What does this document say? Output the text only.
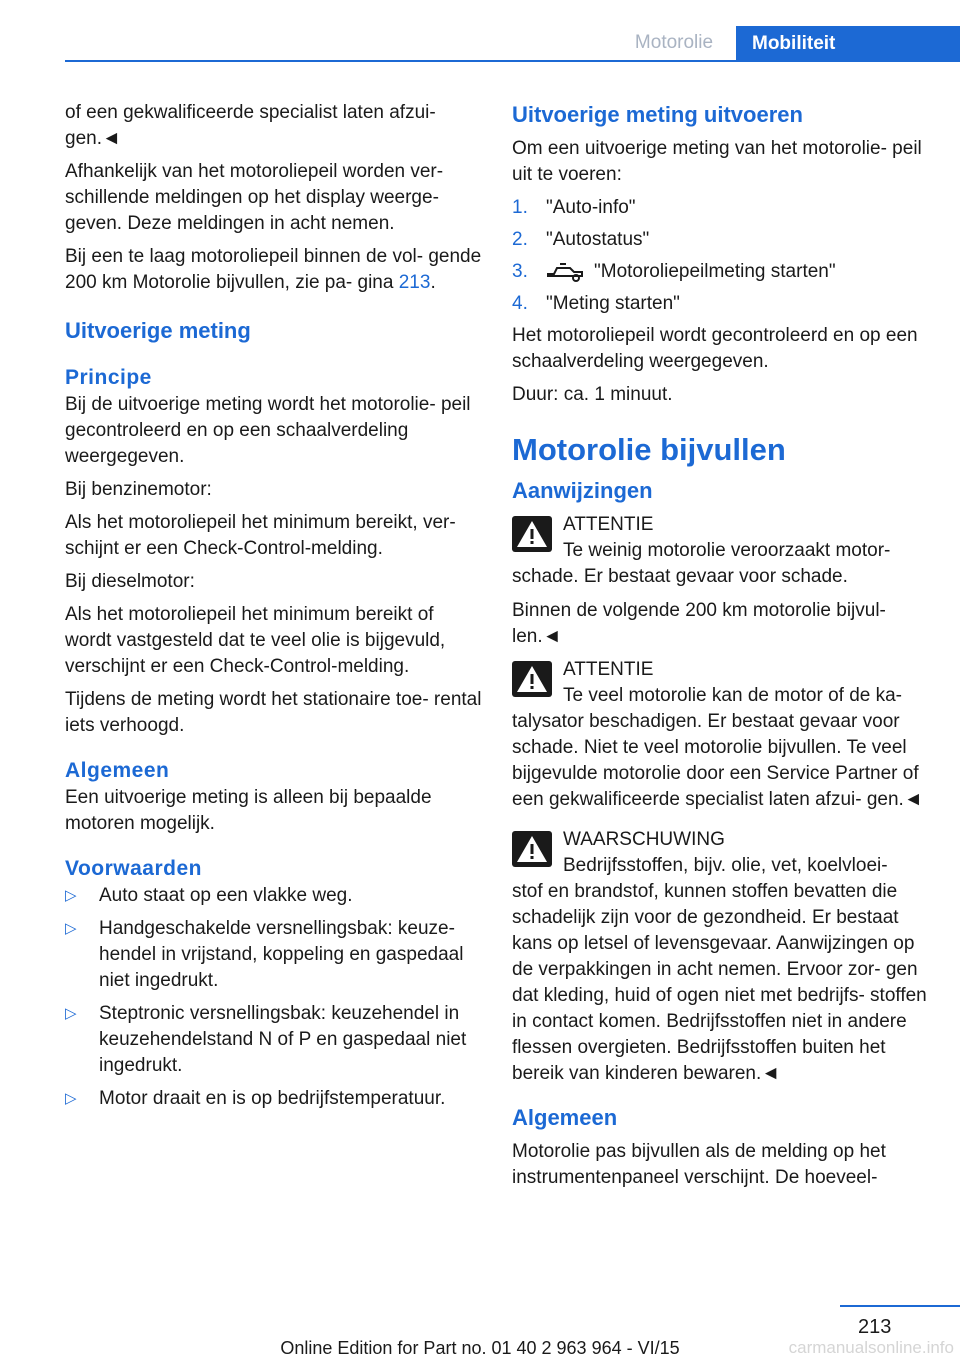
Motorolie	Mobiliteit

of een gekwalificeerde specialist laten afzui‐ gen.◄

Afhankelijk van het motoroliepeil worden ver‐ schillende meldingen op het display weerge‐ geven. Deze meldingen in acht nemen.

Bij een te laag motoroliepeil binnen de vol‐ gende 200 km Motorolie bijvullen, zie pa‐ gina 213.

Uitvoerige meting
Principe

Bij de uitvoerige meting wordt het motorolie‐ peil gecontroleerd en op een schaalverdeling weergegeven.

Bij benzinemotor:

Als het motoroliepeil het minimum bereikt, ver‐ schijnt er een Check-Control-melding.

Bij dieselmotor:

Als het motoroliepeil het minimum bereikt of wordt vastgesteld dat te veel olie is bijgevuld, verschijnt er een Check-Control-melding.

Tijdens de meting wordt het stationaire toe‐ rental iets verhoogd.

Algemeen

Een uitvoerige meting is alleen bij bepaalde motoren mogelijk.

Voorwaarden
▷ Auto staat op een vlakke weg.
▷ Handgeschakelde versnellingsbak: keuze‐ hendel in vrijstand, koppeling en gaspedaal niet ingedrukt.
▷ Steptronic versnellingsbak: keuzehendel in keuzehendelstand N of P en gaspedaal niet ingedrukt.
▷ Motor draait en is op bedrijfstemperatuur.
Uitvoerige meting uitvoeren

Om een uitvoerige meting van het motorolie‐ peil uit te voeren:

1. "Auto-info"
2. "Autostatus"
3.	"Motoroliepeilmeting starten"
4. "Meting starten"

Het motoroliepeil wordt gecontroleerd en op een schaalverdeling weergegeven.

Duur: ca. 1 minuut.

Motorolie bijvullen
Aanwijzingen
ATTENTIE
Te weinig motorolie veroorzaakt motor‐
schade. Er bestaat gevaar voor schade.

Binnen de volgende 200 km motorolie bijvul‐ len.◄

ATTENTIE
Te veel motorolie kan de motor of de ka‐
talysator beschadigen. Er bestaat gevaar voor schade. Niet te veel motorolie bijvullen. Te veel bijgevulde motorolie door een Service Partner of een gekwalificeerde specialist laten afzui‐ gen.◄
WAARSCHUWING
Bedrijfsstoffen, bijv. olie, vet, koelvloei‐
stof en brandstof, kunnen stoffen bevatten die schadelijk zijn voor de gezondheid. Er bestaat kans op letsel of levensgevaar. Aanwijzingen op de verpakkingen in acht nemen. Ervoor zor‐ gen dat kleding, huid of ogen niet met bedrijfs‐ stoffen in contact komen. Bedrijfsstoffen niet in andere flessen overgieten. Bedrijfsstoffen buiten het bereik van kinderen bewaren.◄
Algemeen

Motorolie pas bijvullen als de melding op het instrumentenpaneel verschijnt. De hoeveel‐

213
Online Edition for Part no. 01 40 2 963 964 - VI/15	carmanualsonline.info
